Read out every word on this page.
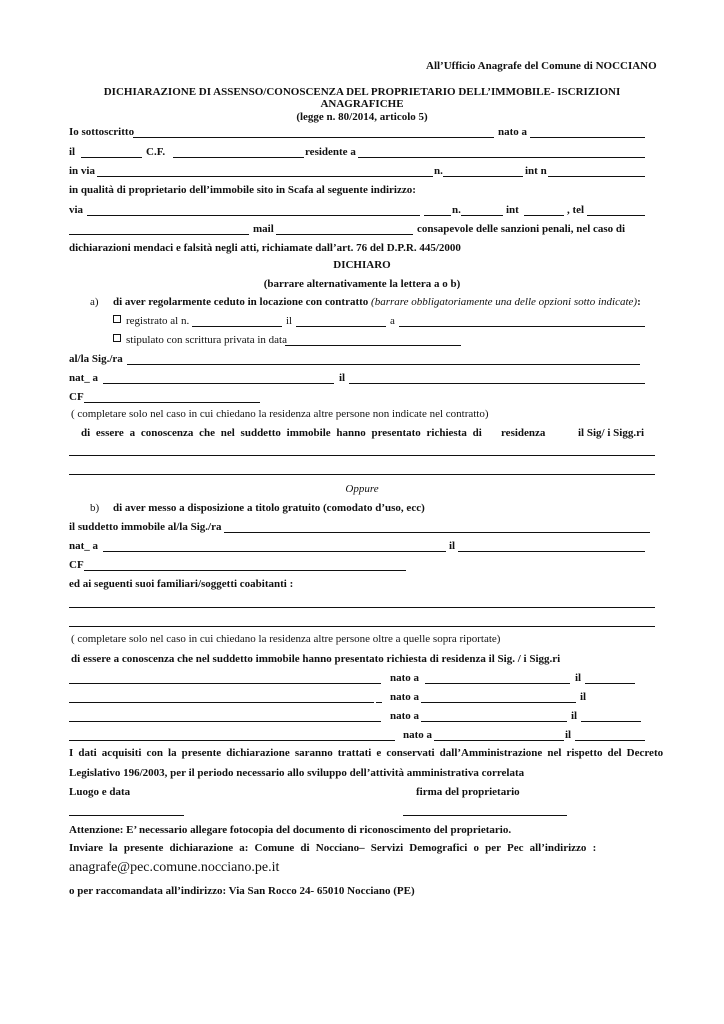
All’Ufficio Anagrafe del Comune di NOCCIANO
DICHIARAZIONE DI ASSENSO/CONOSCENZA DEL PROPRIETARIO DELL’IMMOBILE- ISCRIZIONI
ANAGRAFICHE
(legge n. 80/2014, articolo 5)
Io sottoscritto	nato a
il	C.F.	residente a
in via	n.	int n
in qualità di proprietario dell’immobile sito in Scafa al seguente indirizzo:
via	n.	int	, tel
mail	consapevole delle sanzioni penali, nel caso di
dichiarazioni mendaci e falsità negli atti, richiamate dall’art. 76 del D.P.R. 445/2000
DICHIARO
(barrare alternativamente la lettera a o b)
a) di aver regolarmente ceduto in locazione con contratto (barrare obbligatoriamente una delle opzioni sotto indicate):
registrato al n.	il	a
stipulato con scrittura privata in data
al/la Sig./ra
nat_ a	il
CF
( completare solo nel caso in cui chiedano la residenza altre persone non indicate nel contratto)
di essere a conoscenza che nel suddetto immobile hanno presentato richiesta di residenza	il Sig/ i Sigg.ri
Oppure
b) di aver messo a disposizione a titolo gratuito (comodato d’uso, ecc)
il suddetto immobile al/la Sig./ra
nat_ a	il
CF
ed ai seguenti suoi familiari/soggetti coabitanti :
( completare solo nel caso in cui chiedano la residenza altre persone oltre a quelle sopra riportate)
di essere a conoscenza che nel suddetto immobile hanno presentato richiesta di residenza il Sig. / i Sigg.ri
nato a	il
nato a	il
nato a	il
nato a	il
I dati acquisiti con la presente dichiarazione saranno trattati e conservati dall’Amministrazione nel rispetto del Decreto
Legislativo 196/2003, per il periodo necessario allo sviluppo dell’attività amministrativa correlata
Luogo e data	firma del proprietario
Attenzione: E’ necessario allegare fotocopia del documento di riconoscimento del proprietario.
Inviare la presente dichiarazione a: Comune di Nocciano– Servizi Demografici o per Pec all’indirizzo :
anagrafe@pec.comune.nocciano.pe.it
o per raccomandata all’indirizzo: Via San Rocco 24- 65010 Nocciano (PE)
